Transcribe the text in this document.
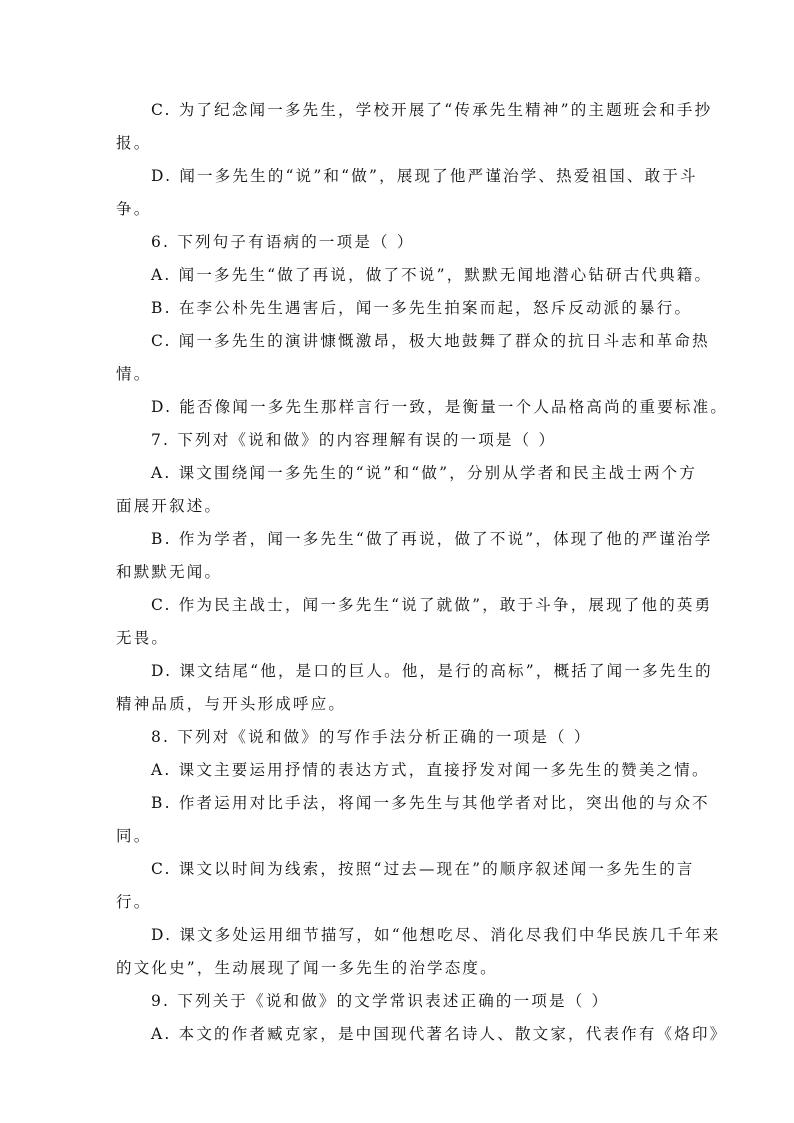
C. 为了纪念闻一多先生，学校开展了“传承先生精神”的主题班会和手抄
报。
D. 闻一多先生的“说”和“做”，展现了他严谨治学、热爱祖国、敢于斗
争。
6. 下列句子有语病的一项是（ ）
A. 闻一多先生“做了再说，做了不说”，默默无闻地潜心钻研古代典籍。
B. 在李公朴先生遇害后，闻一多先生拍案而起，怒斥反动派的暴行。
C. 闻一多先生的演讲慷慨激昂，极大地鼓舞了群众的抗日斗志和革命热
情。
D. 能否像闻一多先生那样言行一致，是衡量一个人品格高尚的重要标准。
7. 下列对《说和做》的内容理解有误的一项是（ ）
A. 课文围绕闻一多先生的“说”和“做”，分别从学者和民主战士两个方
面展开叙述。
B. 作为学者，闻一多先生“做了再说，做了不说”，体现了他的严谨治学
和默默无闻。
C. 作为民主战士，闻一多先生“说了就做”，敢于斗争，展现了他的英勇
无畏。
D. 课文结尾“他，是口的巨人。他，是行的高标”，概括了闻一多先生的
精神品质，与开头形成呼应。
8. 下列对《说和做》的写作手法分析正确的一项是（ ）
A. 课文主要运用抒情的表达方式，直接抒发对闻一多先生的赞美之情。
B. 作者运用对比手法，将闻一多先生与其他学者对比，突出他的与众不
同。
C. 课文以时间为线索，按照“过去—现在”的顺序叙述闻一多先生的言
行。
D. 课文多处运用细节描写，如“他想吃尽、消化尽我们中华民族几千年来
的文化史”，生动展现了闻一多先生的治学态度。
9. 下列关于《说和做》的文学常识表述正确的一项是（ ）
A. 本文的作者臧克家，是中国现代著名诗人、散文家，代表作有《烙印》
